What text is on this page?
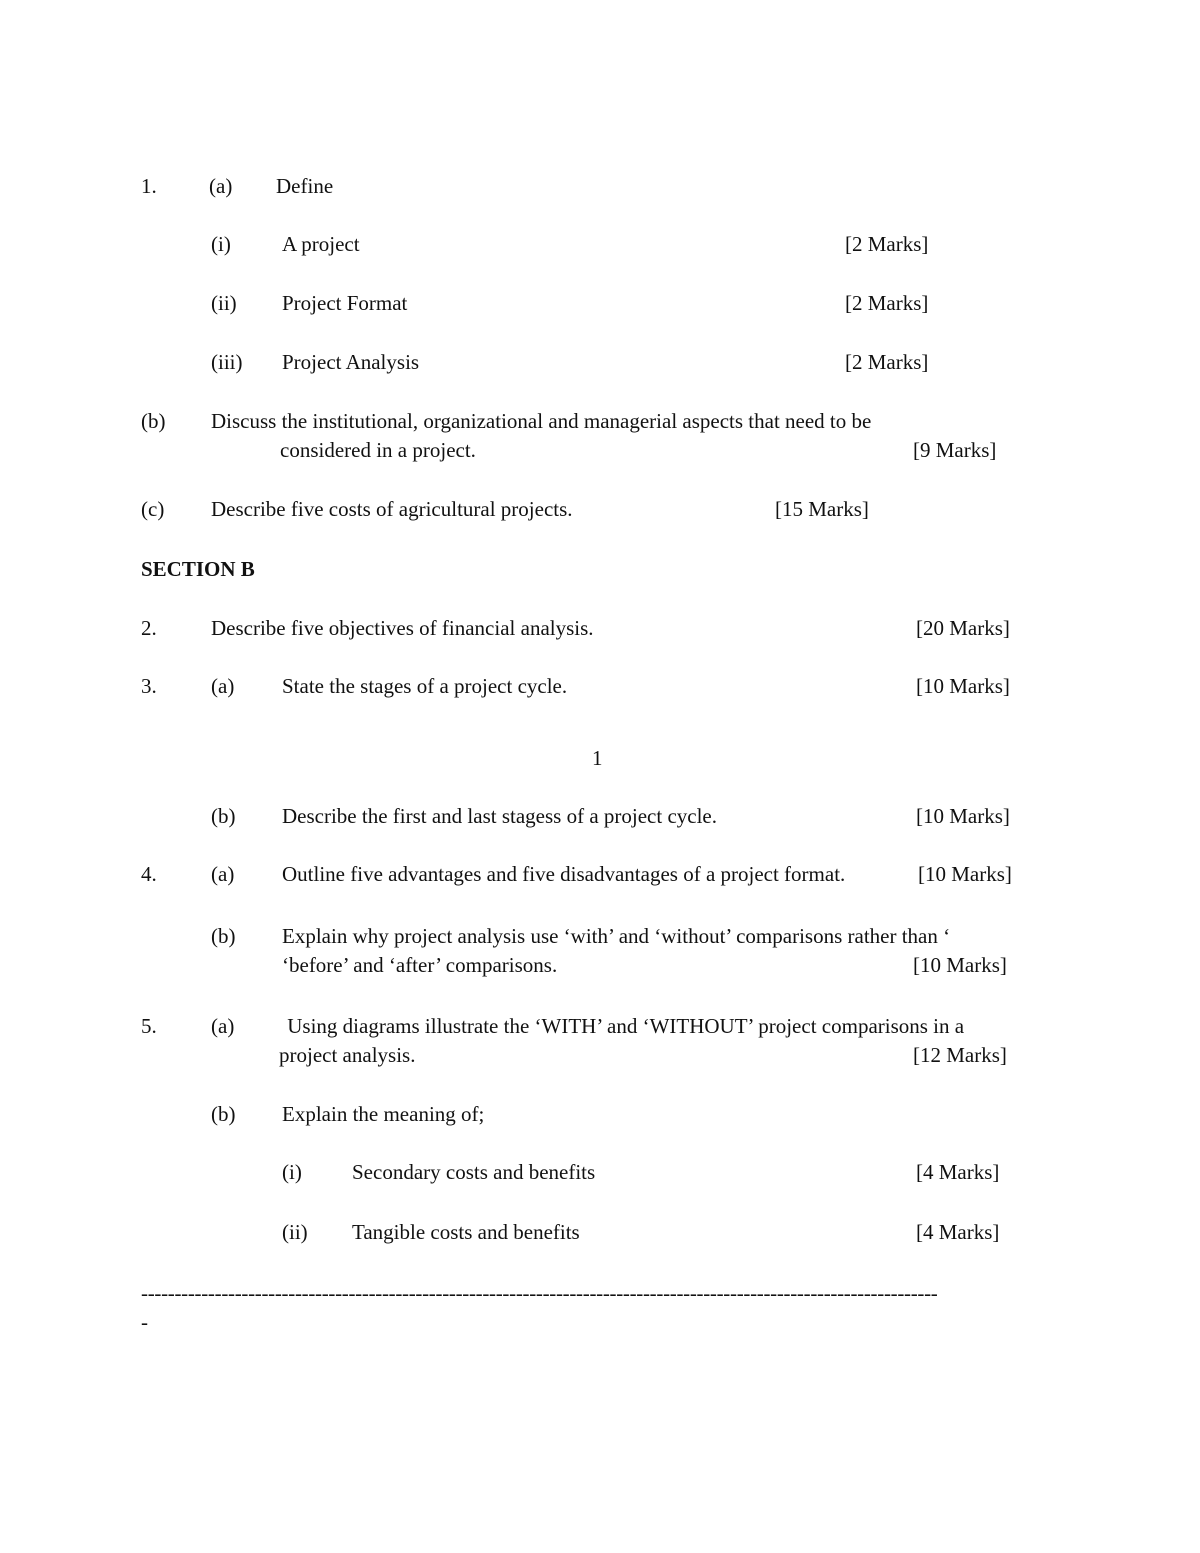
1. (a) Define
(i) A project	[2 Marks]
(ii) Project Format	[2 Marks]
(iii) Project Analysis	[2 Marks]
(b) Discuss the institutional, organizational and managerial aspects that need to be
considered in a project.	[9 Marks]
(c) Describe five costs of agricultural projects.	[15 Marks]
SECTION B
2.	Describe five objectives of financial analysis.	[20 Marks]
3.	(a) State the stages of a project cycle.	[10 Marks]
1
(b) Describe the first and last stagess of a project cycle.	[10 Marks]
4.	(a) Outline five advantages and five disadvantages of a project format.	[10 Marks]
(b) Explain why project analysis use ‘with’ and ‘without’ comparisons rather than ‘
‘before’ and ‘after’ comparisons.	[10 Marks]
5.	(a) Using diagrams illustrate the ‘WITH’ and ‘WITHOUT’ project comparisons in a
project analysis.	[12 Marks]
(b) Explain the meaning of;
(i) Secondary costs and benefits	[4 Marks]
(ii) Tangible costs and benefits	[4 Marks]
-----------------------------------------------------------------------------------------------------------------------
-
